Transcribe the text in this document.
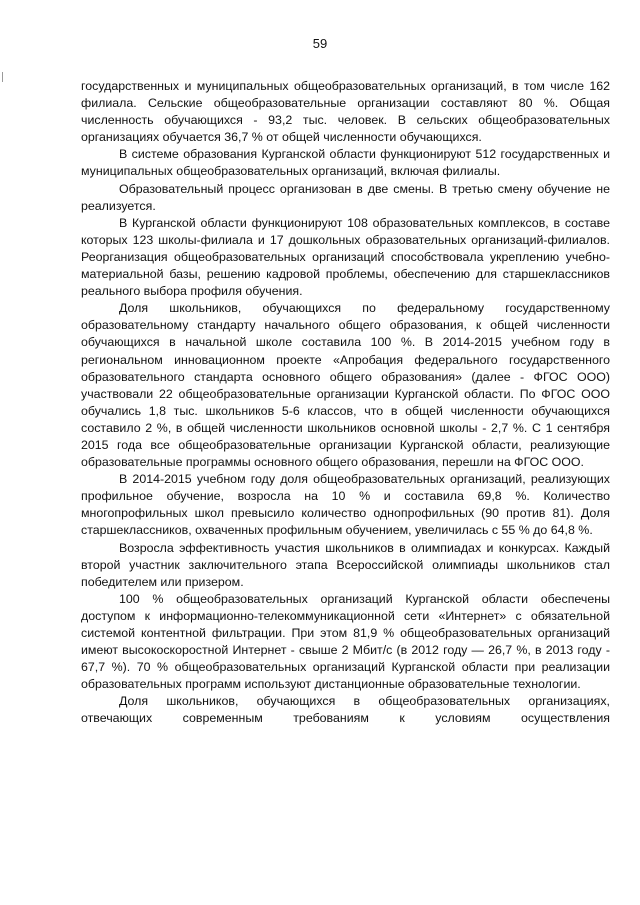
59

государственных и муниципальных общеобразовательных организаций, в том числе 162 филиала. Сельские общеобразовательные организации составляют 80 %. Общая численность обучающихся - 93,2 тыс. человек. В сельских общеобразовательных организациях обучается 36,7 % от общей численности обучающихся.

В системе образования Курганской области функционируют 512 государственных и муниципальных общеобразовательных организаций, включая филиалы.

Образовательный процесс организован в две смены. В третью смену обучение не реализуется.

В Курганской области функционируют 108 образовательных комплексов, в составе которых 123 школы-филиала и 17 дошкольных образовательных организаций-филиалов. Реорганизация общеобразовательных организаций способствовала укреплению учебно-материальной базы, решению кадровой проблемы, обеспечению для старшеклассников реального выбора профиля обучения.

Доля школьников, обучающихся по федеральному государственному образовательному стандарту начального общего образования, к общей численности обучающихся в начальной школе составила 100 %. В 2014-2015 учебном году в региональном инновационном проекте «Апробация федерального государственного образовательного стандарта основного общего образования» (далее - ФГОС ООО) участвовали 22 общеобразовательные организации Курганской области. По ФГОС ООО обучались 1,8 тыс. школьников 5-6 классов, что в общей численности обучающихся составило 2 %, в общей численности школьников основной школы - 2,7 %. С 1 сентября 2015 года все общеобразовательные организации Курганской области, реализующие образовательные программы основного общего образования, перешли на ФГОС ООО.

В 2014-2015 учебном году доля общеобразовательных организаций, реализующих профильное обучение, возросла на 10 % и составила 69,8 %. Количество многопрофильных школ превысило количество однопрофильных (90 против 81). Доля старшеклассников, охваченных профильным обучением, увеличилась с 55 % до 64,8 %.

Возросла эффективность участия школьников в олимпиадах и конкурсах. Каждый второй участник заключительного этапа Всероссийской олимпиады школьников стал победителем или призером.

100 % общеобразовательных организаций Курганской области обеспечены доступом к информационно-телекоммуникационной сети «Интернет» с обязательной системой контентной фильтрации. При этом 81,9 % общеобразовательных организаций имеют высокоскоростной Интернет - свыше 2 Мбит/с (в 2012 году — 26,7 %, в 2013 году - 67,7 %). 70 % общеобразовательных организаций Курганской области при реализации образовательных программ используют дистанционные образовательные технологии.

Доля школьников, обучающихся в общеобразовательных организациях, отвечающих современным требованиям к условиям осуществления
